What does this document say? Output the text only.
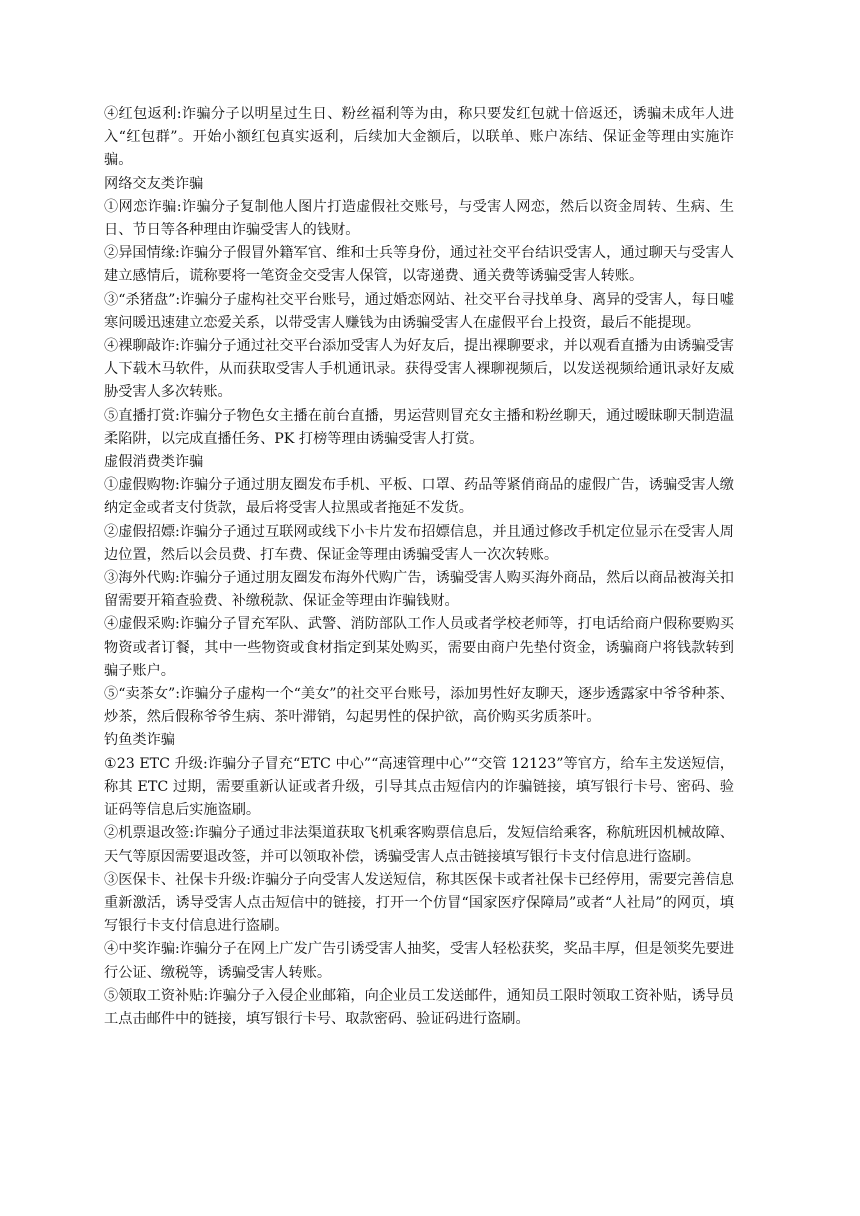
④红包返利:诈骗分子以明星过生日、粉丝福利等为由，称只要发红包就十倍返还，诱骗未成年人进入“红包群”。开始小额红包真实返利，后续加大金额后，以联单、账户冻结、保证金等理由实施诈骗。

网络交友类诈骗

①网恋诈骗:诈骗分子复制他人图片打造虚假社交账号，与受害人网恋，然后以资金周转、生病、生日、节日等各种理由诈骗受害人的钱财。

②异国情缘:诈骗分子假冒外籍军官、维和士兵等身份，通过社交平台结识受害人，通过聊天与受害人建立感情后，谎称要将一笔资金交受害人保管，以寄递费、通关费等诱骗受害人转账。

③“杀猪盘”:诈骗分子虚构社交平台账号，通过婚恋网站、社交平台寻找单身、离异的受害人，每日嘘寒问暖迅速建立恋爱关系，以带受害人赚钱为由诱骗受害人在虚假平台上投资，最后不能提现。

④裸聊敲诈:诈骗分子通过社交平台添加受害人为好友后，提出裸聊要求，并以观看直播为由诱骗受害人下载木马软件，从而获取受害人手机通讯录。获得受害人裸聊视频后，以发送视频给通讯录好友威胁受害人多次转账。

⑤直播打赏:诈骗分子物色女主播在前台直播，男运营则冒充女主播和粉丝聊天，通过暧昧聊天制造温柔陷阱，以完成直播任务、PK 打榜等理由诱骗受害人打赏。

虚假消费类诈骗

①虚假购物:诈骗分子通过朋友圈发布手机、平板、口罩、药品等紧俏商品的虚假广告，诱骗受害人缴纳定金或者支付货款，最后将受害人拉黑或者拖延不发货。

②虚假招嫖:诈骗分子通过互联网或线下小卡片发布招嫖信息，并且通过修改手机定位显示在受害人周边位置，然后以会员费、打车费、保证金等理由诱骗受害人一次次转账。

③海外代购:诈骗分子通过朋友圈发布海外代购广告，诱骗受害人购买海外商品，然后以商品被海关扣留需要开箱查验费、补缴税款、保证金等理由诈骗钱财。

④虚假采购:诈骗分子冒充军队、武警、消防部队工作人员或者学校老师等，打电话给商户假称要购买物资或者订餐，其中一些物资或食材指定到某处购买，需要由商户先垫付资金，诱骗商户将钱款转到骗子账户。

⑤“卖茶女”:诈骗分子虚构一个“美女”的社交平台账号，添加男性好友聊天，逐步透露家中爷爷种茶、炒茶，然后假称爷爷生病、茶叶滞销，勾起男性的保护欲，高价购买劣质茶叶。

钓鱼类诈骗

①23 ETC 升级:诈骗分子冒充“ETC 中心”“高速管理中心”“交管 12123”等官方，给车主发送短信，称其 ETC 过期，需要重新认证或者升级，引导其点击短信内的诈骗链接，填写银行卡号、密码、验证码等信息后实施盗刷。

②机票退改签:诈骗分子通过非法渠道获取飞机乘客购票信息后，发短信给乘客，称航班因机械故障、天气等原因需要退改签，并可以领取补偿，诱骗受害人点击链接填写银行卡支付信息进行盗刷。

③医保卡、社保卡升级:诈骗分子向受害人发送短信，称其医保卡或者社保卡已经停用，需要完善信息重新激活，诱导受害人点击短信中的链接，打开一个仿冒“国家医疗保障局”或者“人社局”的网页，填写银行卡支付信息进行盗刷。

④中奖诈骗:诈骗分子在网上广发广告引诱受害人抽奖，受害人轻松获奖，奖品丰厚，但是领奖先要进行公证、缴税等，诱骗受害人转账。

⑤领取工资补贴:诈骗分子入侵企业邮箱，向企业员工发送邮件，通知员工限时领取工资补贴，诱导员工点击邮件中的链接，填写银行卡号、取款密码、验证码进行盗刷。
